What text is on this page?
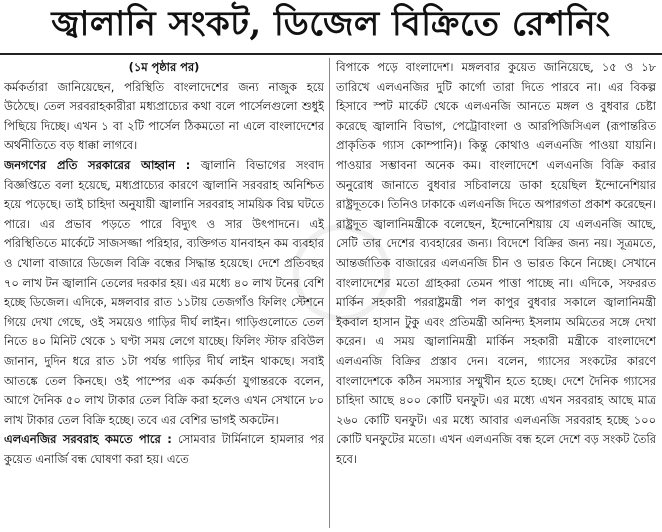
জ্বালানি সংকট, ডিজেল বিক্রিতে রেশনিং

(১ম পৃষ্ঠার পর)

কর্মকর্তারা জানিয়েছেন, পরিস্থিতি বাংলাদেশের জন্য নাজুক হয়ে উঠেছে। তেল সরবরাহকারীরা মধ্যপ্রাচ্যের কথা বলে পার্সেলগুলো শুধুই পিছিয়ে দিচ্ছে। এখন ১ বা ২টি পার্সেল ঠিকমতো না এলে বাংলাদেশের অর্থনীতিতে বড় ধাক্কা লাগবে।

জনগণের প্রতি সরকারের আহ্বান : জ্বালানি বিভাগের সংবাদ বিজ্ঞপ্তিতে বলা হয়েছে, মধ্যপ্রাচ্যের কারণে জ্বালানি সরবরাহ অনিশ্চিত হয়ে পড়েছে। তাই চাহিদা অনুযায়ী জ্বালানি সরবরাহ সাময়িক বিঘ্ন ঘটতে পারে। এর প্রভাব পড়তে পারে বিদ্যুৎ ও সার উৎপাদনে। এই পরিস্থিতিতে মার্কেটে সাজসজ্জা পরিহার, ব্যক্তিগত যানবাহন কম ব্যবহার ও খোলা বাজারে ডিজেল বিক্রি বন্ধের সিদ্ধান্ত হয়েছে। দেশে প্রতিবছর ৭০ লাখ টন জ্বালানি তেলের দরকার হয়। এর মধ্যে ৪০ লাখ টনের বেশি হচ্ছে ডিজেল। এদিকে, মঙ্গলবার রাত ১১টায় তেজগাঁও ফিলিং স্টেশনে গিয়ে দেখা গেছে, ওই সময়েও গাড়ির দীর্ঘ লাইন। গাড়িগুলোতে তেল নিতে ৪০ মিনিট থেকে ১ ঘণ্টা সময় লেগে যাচ্ছে। ফিলিং স্টাফ রবিউল জানান, দুদিন ধরে রাত ১টা পর্যন্ত গাড়ির দীর্ঘ লাইন থাকছে। সবাই আতঙ্কে তেল কিনছে। ওই পাম্পের এক কর্মকর্তা যুগান্তরকে বলেন, আগে দৈনিক ৫০ লাখ টাকার তেল বিক্রি করা হলেও এখন সেখানে ৮০ লাখ টাকার তেল বিক্রি হচ্ছে। তবে এর বেশির ভাগই অকটেন।

এলএনজির সরবরাহ কমতে পারে : সোমবার টার্মিনালে হামলার পর কুয়েত এনার্জি বন্ধ ঘোষণা করা হয়। এতে

বিপাকে পড়ে বাংলাদেশ। মঙ্গলবার কুয়েত জানিয়েছে, ১৫ ও ১৮ তারিখে এলএনজির দুটি কার্গো তারা দিতে পারবে না। এর বিকল্প হিসাবে স্পট মার্কেট থেকে এলএনজি আনতে মঙ্গল ও বুধবার চেষ্টা করেছে জ্বালানি বিভাগ, পেট্রোবাংলা ও আরপিজিসিএল (রূপান্তরিত প্রাকৃতিক গ্যাস কোম্পানি)। কিন্তু কোথাও এলএনজি পাওয়া যায়নি। পাওয়ার সম্ভাবনা অনেক কম। বাংলাদেশে এলএনজি বিক্রি করার অনুরোধ জানাতে বুধবার সচিবালয়ে ডাকা হয়েছিল ইন্দোনেশিয়ার রাষ্ট্রদূতকে। তিনিও ঢাকাকে এলএনজি দিতে অপারগতা প্রকাশ করেছেন। রাষ্ট্রদূত জ্বালানিমন্ত্রীকে বলেছেন, ইন্দোনেশিয়ায় যে এলএনজি আছে, সেটি তার দেশের ব্যবহারের জন্য। বিদেশে বিক্রির জন্য নয়। সূত্রমতে, আন্তর্জাতিক বাজারের এলএনজি চীন ও ভারত কিনে নিচ্ছে। সেখানে বাংলাদেশের মতো গ্রাহকরা তেমন পাত্তা পাচ্ছে না। এদিকে, সফররত মার্কিন সহকারী পররাষ্ট্রমন্ত্রী পল কাপুর বুধবার সকালে জ্বালানিমন্ত্রী ইকবাল হাসান টুকু এবং প্রতিমন্ত্রী অনিন্দ্য ইসলাম অমিতের সঙ্গে দেখা করেন। এ সময় জ্বালানিমন্ত্রী মার্কিন সহকারী মন্ত্রীকে বাংলাদেশে এলএনজি বিক্রির প্রস্তাব দেন। বলেন, গ্যাসের সংকটের কারণে বাংলাদেশকে কঠিন সমস্যার সম্মুখীন হতে হচ্ছে। দেশে দৈনিক গ্যাসের চাহিদা আছে ৪০০ কোটি ঘনফুট। এর মধ্যে এখন সরবরাহ আছে মাত্র ২৬০ কোটি ঘনফুট। এর মধ্যে আবার এলএনজি সরবরাহ হচ্ছে ১০০ কোটি ঘনফুটের মতো। এখন এলএনজি বন্ধ হলে দেশে বড় সংকট তৈরি হবে।

◯
